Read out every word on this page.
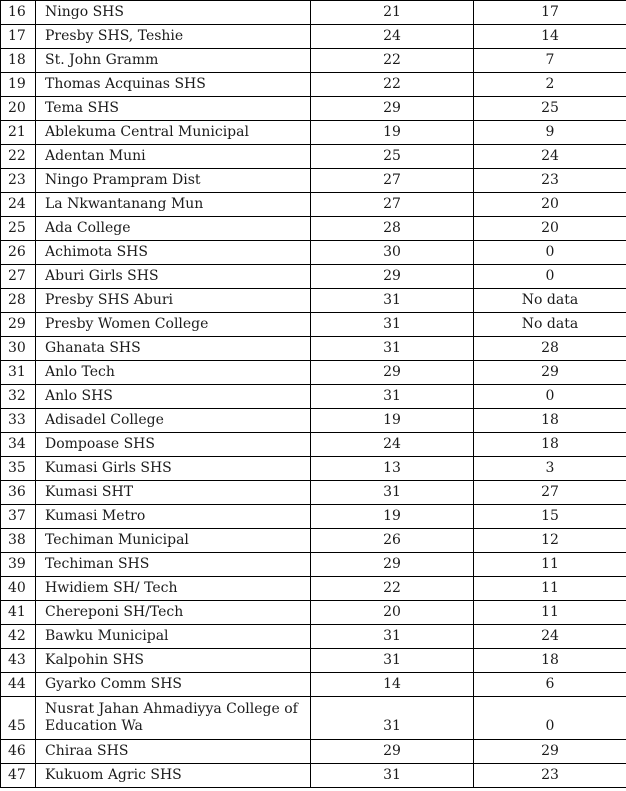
16	Ningo SHS	21	17
17	Presby SHS, Teshie	24	14
18	St. John Gramm	22	7
19	Thomas Acquinas SHS	22	2
20	Tema SHS	29	25
21	Ablekuma Central Municipal	19	9
22	Adentan Muni	25	24
23	Ningo Prampram Dist	27	23
24	La Nkwantanang Mun	27	20
25	Ada College	28	20
26	Achimota SHS	30	0
27	Aburi Girls SHS	29	0
28	Presby SHS Aburi	31	No data
29	Presby Women College	31	No data
30	Ghanata SHS	31	28
31	Anlo Tech	29	29
32	Anlo SHS	31	0
33	Adisadel College	19	18
34	Dompoase SHS	24	18
35	Kumasi Girls SHS	13	3
36	Kumasi SHT	31	27
37	Kumasi Metro	19	15
38	Techiman Municipal	26	12
39	Techiman SHS	29	11
40	Hwidiem SH/ Tech	22	11
41	Chereponi SH/Tech	20	11
42	Bawku Municipal	31	24
43	Kalpohin SHS	31	18
44	Gyarko Comm SHS	14	6
45	Nusrat Jahan Ahmadiyya College of Education Wa	31	0
46	Chiraa SHS	29	29
47	Kukuom Agric SHS	31	23
